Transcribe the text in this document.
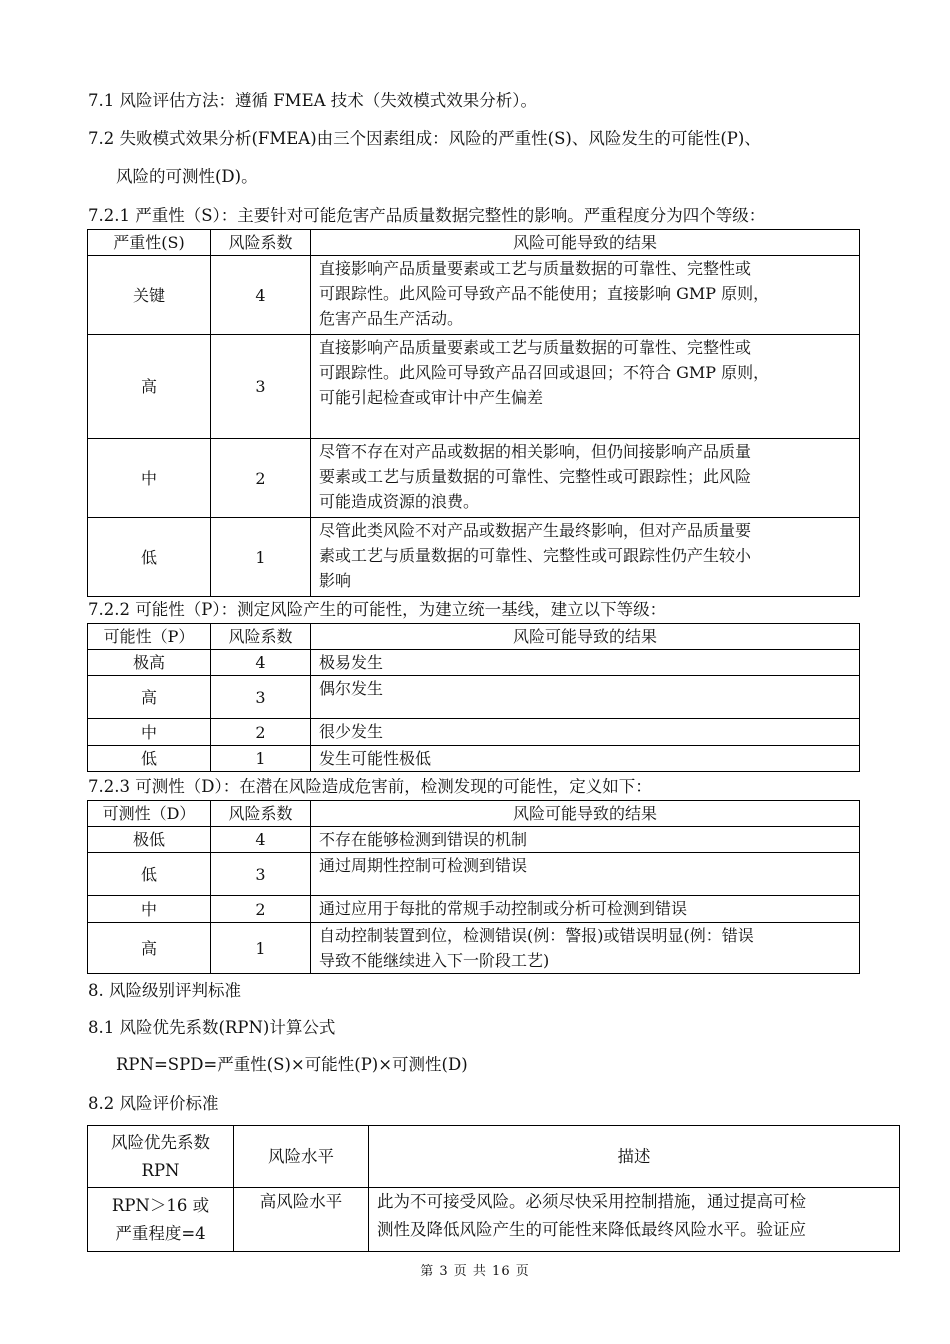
7.1 风险评估方法：遵循 FMEA 技术（失效模式效果分析）。
7.2 失败模式效果分析(FMEA)由三个因素组成：风险的严重性(S)、风险发生的可能性(P)、
风险的可测性(D)。
7.2.1 严重性（S）：主要针对可能危害产品质量数据完整性的影响。严重程度分为四个等级：
严重性(S)	风险系数	风险可能导致的结果
关键	4	直接影响产品质量要素或工艺与质量数据的可靠性、完整性或
可跟踪性。此风险可导致产品不能使用；直接影响 GMP 原则，
危害产品生产活动。
高	3	直接影响产品质量要素或工艺与质量数据的可靠性、完整性或
可跟踪性。此风险可导致产品召回或退回；不符合 GMP 原则，
可能引起检查或审计中产生偏差
中	2	尽管不存在对产品或数据的相关影响，但仍间接影响产品质量
要素或工艺与质量数据的可靠性、完整性或可跟踪性；此风险
可能造成资源的浪费。
低	1	尽管此类风险不对产品或数据产生最终影响，但对产品质量要
素或工艺与质量数据的可靠性、完整性或可跟踪性仍产生较小
影响
7.2.2 可能性（P）：测定风险产生的可能性，为建立统一基线，建立以下等级：
可能性（P）	风险系数	风险可能导致的结果
极高	4	极易发生
高	3	偶尔发生
中	2	很少发生
低	1	发生可能性极低
7.2.3 可测性（D）：在潜在风险造成危害前，检测发现的可能性，定义如下：
可测性（D）	风险系数	风险可能导致的结果
极低	4	不存在能够检测到错误的机制
低	3	通过周期性控制可检测到错误
中	2	通过应用于每批的常规手动控制或分析可检测到错误
高	1	自动控制装置到位，检测错误(例：警报)或错误明显(例：错误
导致不能继续进入下一阶段工艺)
8. 风险级别评判标准
8.1 风险优先系数(RPN)计算公式
RPN=SPD=严重性(S)×可能性(P)×可测性(D)
8.2 风险评价标准
风险优先系数
RPN	风险水平	描述
RPN＞16 或
严重程度=4	高风险水平	此为不可接受风险。必须尽快采用控制措施，通过提高可检
测性及降低风险产生的可能性来降低最终风险水平。验证应
第 3 页 共 16 页
